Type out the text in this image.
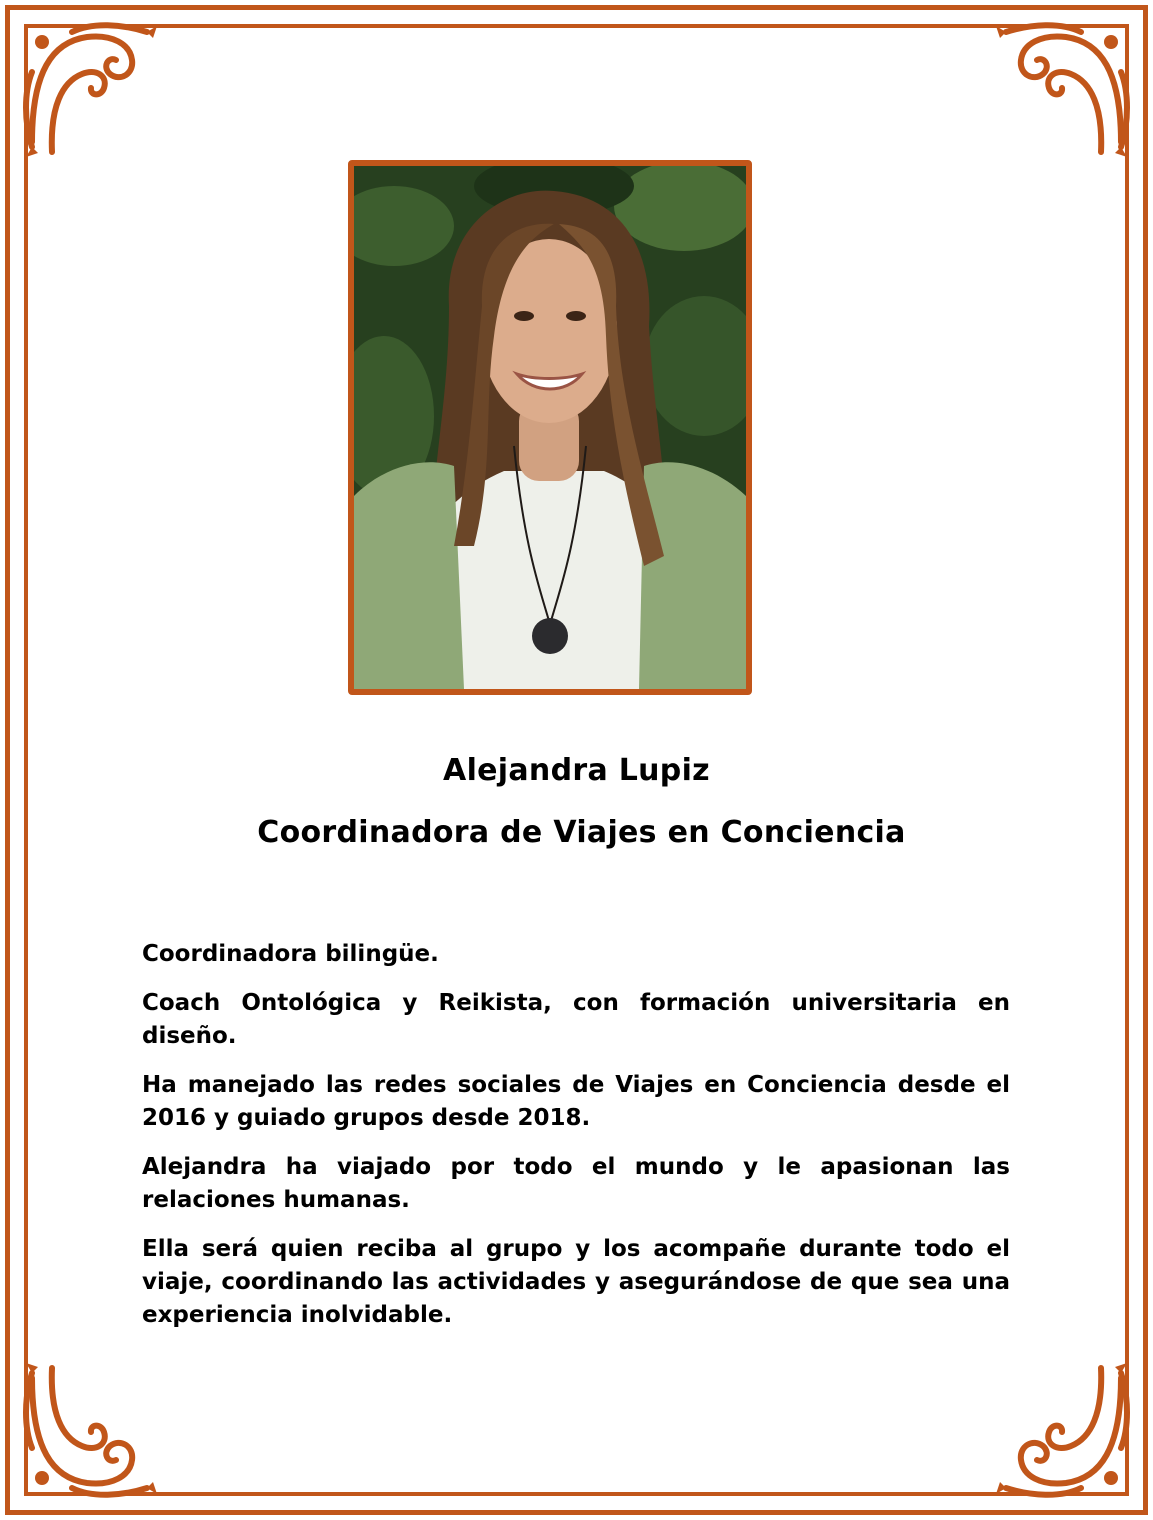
Alejandra Lupiz
Coordinadora de Viajes en Conciencia

Coordinadora bilingüe.

Coach Ontológica y Reikista, con formación universitaria en diseño.

Ha manejado las redes sociales de Viajes en Conciencia desde el 2016 y guiado grupos desde 2018.

Alejandra ha viajado por todo el mundo y le apasionan las relaciones humanas.

Ella será quien reciba al grupo y los acompañe durante todo el viaje, coordinando las actividades y asegurándose de que sea una experiencia inolvidable.
